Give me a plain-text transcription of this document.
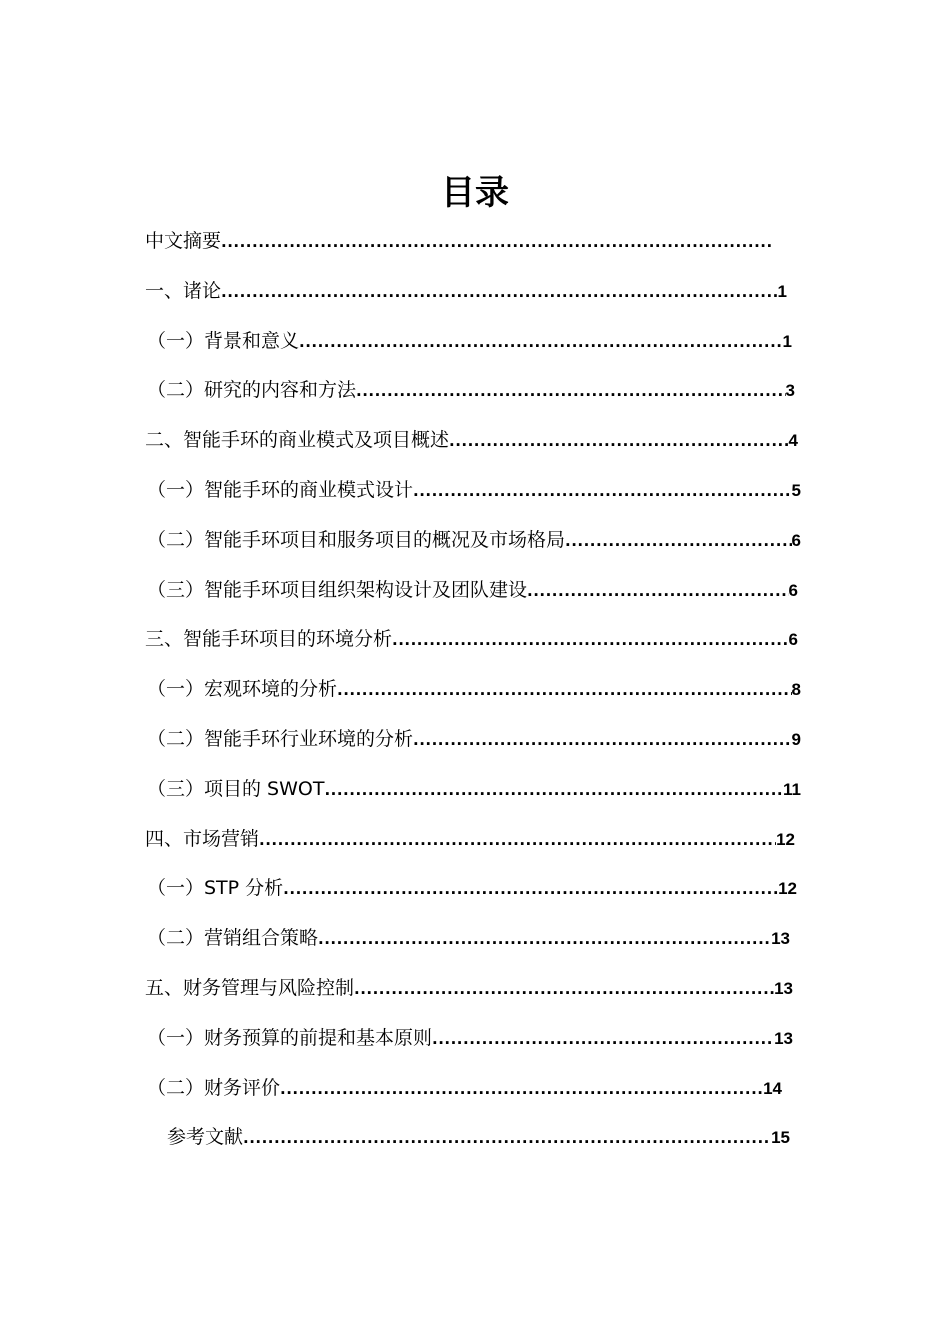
目录
中文摘要
.....
一、诸论 .....	1
（一）背景和意义 .....	1
（二）研究的内容和方法 .....	3
二、智能手环的商业模式及项目概述 .....	4
（一）智能手环的商业模式设计 .....	5
（二）智能手环项目和服务项目的概况及市场格局 .....	6
（三）智能手环项目组织架构设计及团队建设 .....	6
三、智能手环项目的环境分析 .....	6
（一）宏观环境的分析 .....	8
（二）智能手环行业环境的分析 .....	9
（三）项目的 SWOT .....	11
四、市场营销 .....	12
（一）STP 分析 .....	12
（二）营销组合策略 .....	13
五、财务管理与风险控制 .....	13
（一）财务预算的前提和基本原则 .....	13
（二）财务评价 .....	14
参考文献 .....	15
